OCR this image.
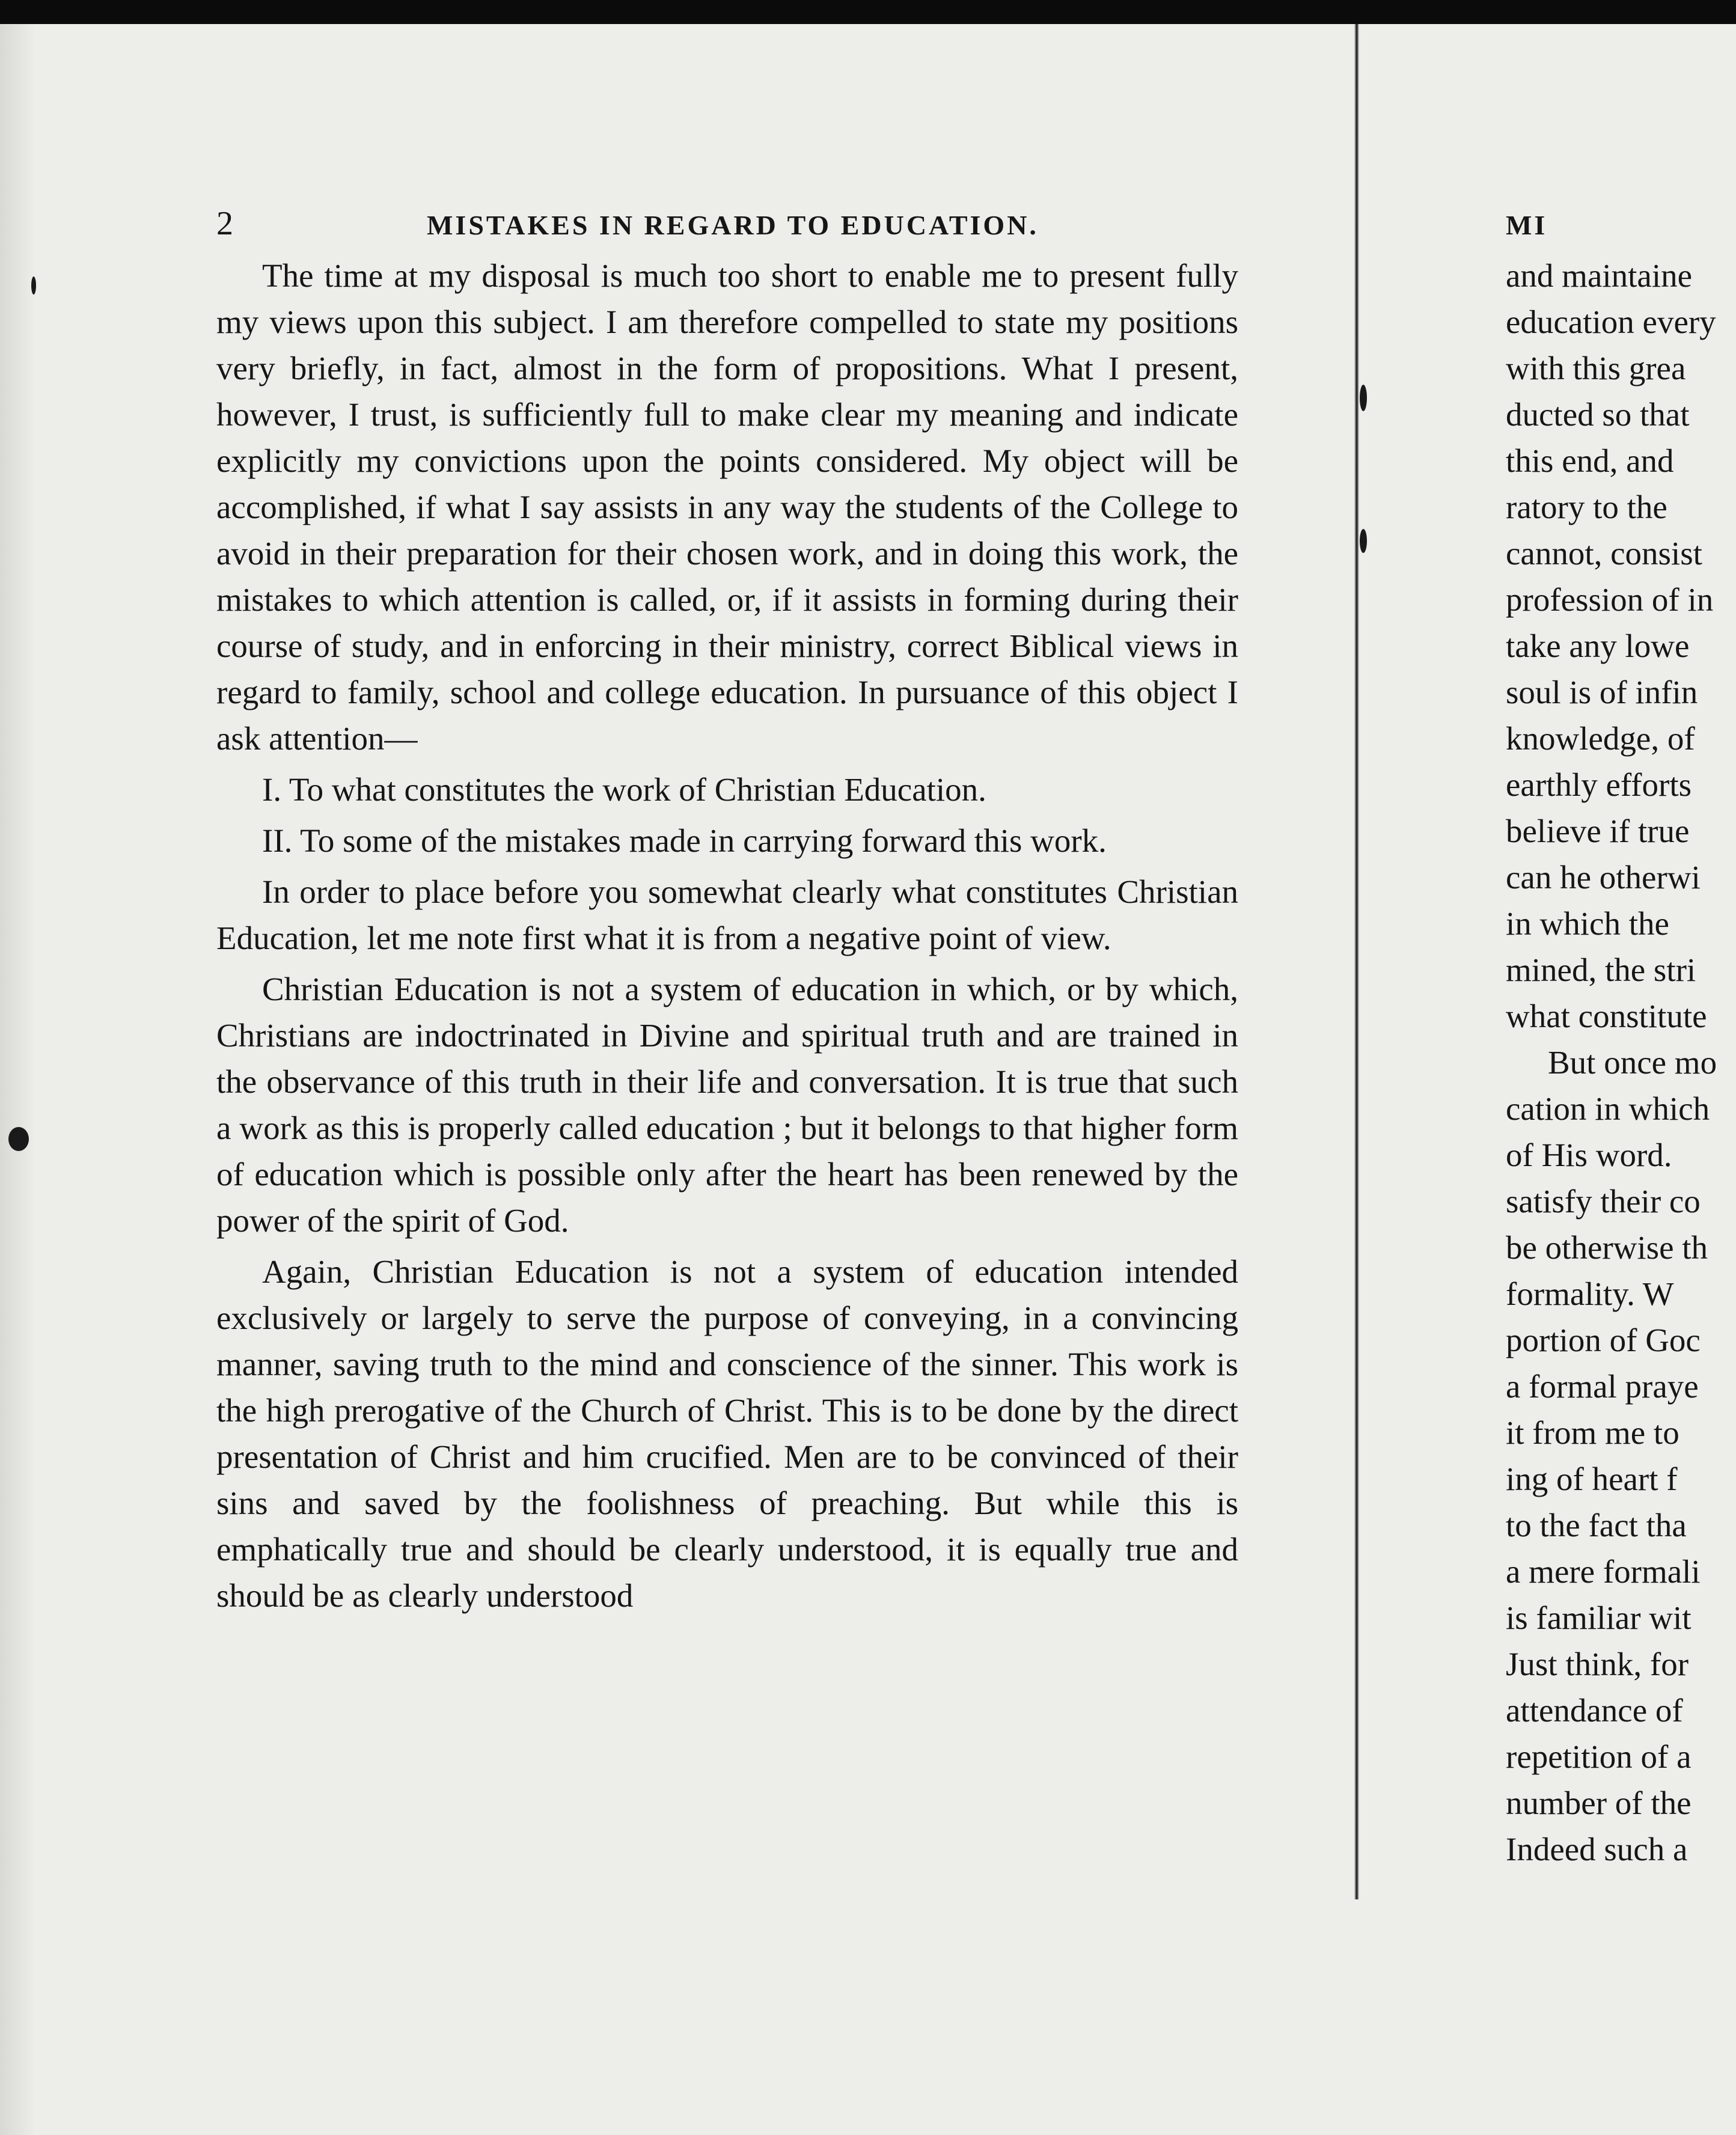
2	MISTAKES IN REGARD TO EDUCATION.

The time at my disposal is much too short to enable me to present fully my views upon this subject. I am therefore compelled to state my positions very briefly, in fact, almost in the form of propositions. What I present, however, I trust, is sufficiently full to make clear my meaning and indicate explicitly my convictions upon the points considered. My object will be accomplished, if what I say assists in any way the students of the College to avoid in their preparation for their chosen work, and in doing this work, the mistakes to which attention is called, or, if it assists in forming during their course of study, and in enforcing in their ministry, correct Biblical views in regard to family, school and college education. In pursuance of this object I ask attention—

I. To what constitutes the work of Christian Education.

II. To some of the mistakes made in carrying forward this work.

In order to place before you somewhat clearly what constitutes Christian Education, let me note first what it is from a negative point of view.

Christian Education is not a system of education in which, or by which, Christians are indoctrinated in Divine and spiritual truth and are trained in the observance of this truth in their life and conversation. It is true that such a work as this is properly called education ; but it belongs to that higher form of education which is possible only after the heart has been renewed by the power of the spirit of God.

Again, Christian Education is not a system of education intended exclusively or largely to serve the purpose of conveying, in a convincing manner, saving truth to the mind and conscience of the sinner. This work is the high prerogative of the Church of Christ. This is to be done by the direct presentation of Christ and him crucified. Men are to be convinced of their sins and saved by the foolishness of preaching. But while this is emphatically true and should be clearly understood, it is equally true and should be as clearly understood

MI
and maintaine
education every
with this grea
ducted so that
this end, and
ratory to the
cannot, consist
profession of in
take any lowe
soul is of infin
knowledge, of
earthly efforts
believe if true
can he otherwi
in which the
mined, the stri
what constitute
But once mo
cation in which
of His word.
satisfy their co
be otherwise th
formality. W
portion of Goc
a formal praye
it from me to
ing of heart f
to the fact tha
a mere formali
is familiar wit
Just think, for
attendance of
repetition of a
number of the
Indeed such a
